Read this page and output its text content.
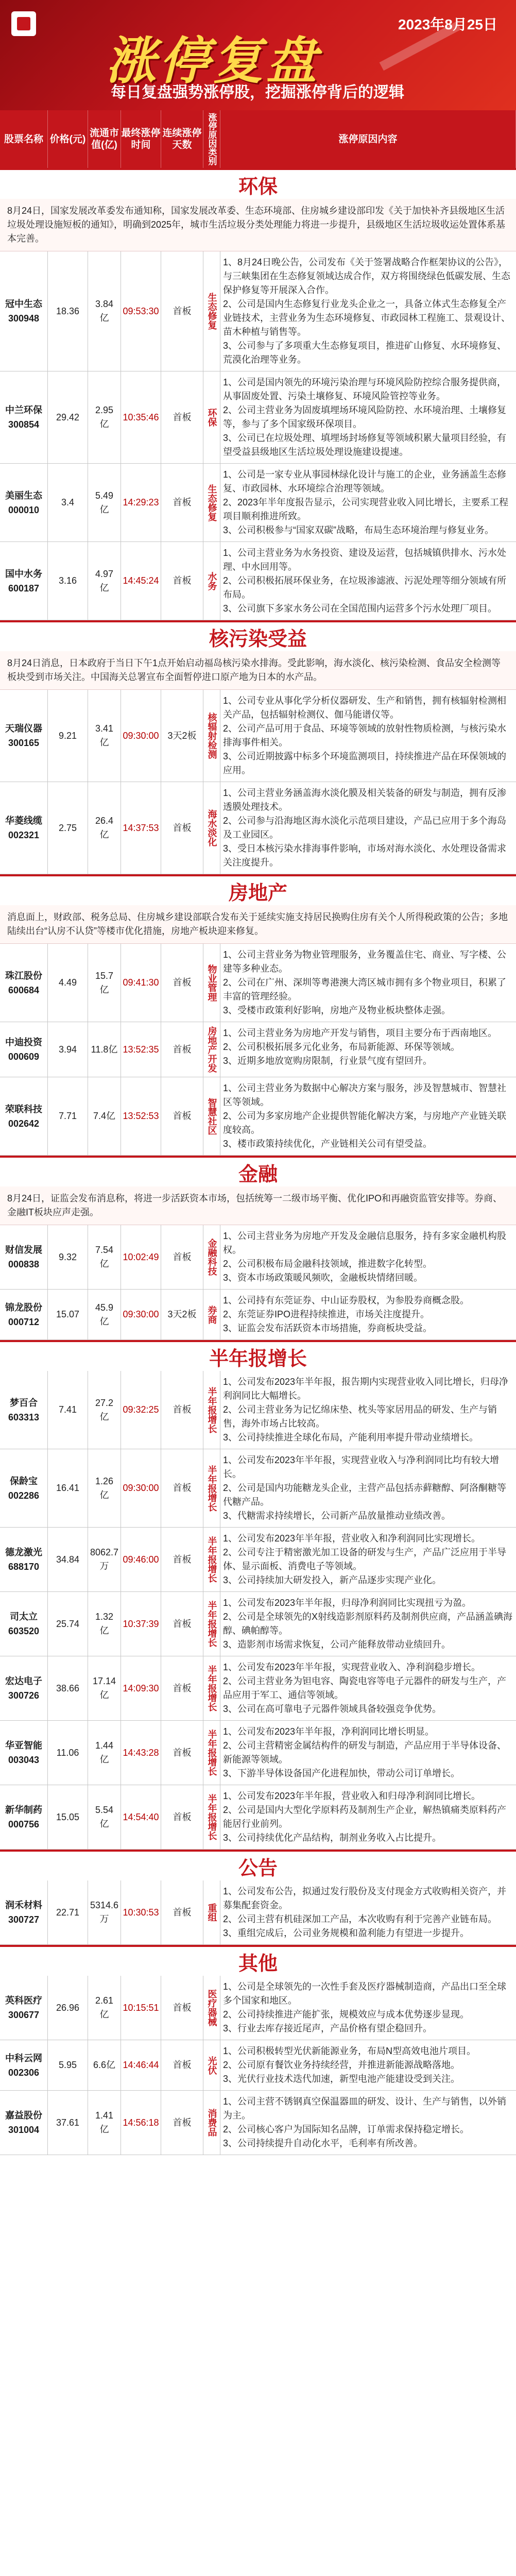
2023年8月25日
涨停复盘
每日复盘强势涨停股，挖掘涨停背后的逻辑
股票名称 价格(元)
流通市值(亿)
最终涨停时间
连续涨停天数	涨停原因类别	涨停原因内容
环保
8月24日，国家发展改革委发布通知称，国家发展改革委、生态环境部、住房城乡建设部印发《关于加快补齐县级地区生活垃圾处理设施短板的通知》，明确到2025年，城市生活垃圾分类处理能力将进一步提升，县级地区生活垃圾收运处置体系基本完善。
冠中生态 300948
18.36
3.84亿
09:53:30	首板	生态修复
1、8月24日晚公告，公司发布《关于签署战略合作框架协议的公告》，与三峡集团在生态修复领域达成合作，双方将围绕绿色低碳发展、生态保护修复等开展深入合作。
2、公司是国内生态修复行业龙头企业之一，具备立体式生态修复全产业链技术，主营业务为生态环境修复、市政园林工程施工、景观设计、苗木种植与销售等。
3、公司参与了多项重大生态修复项目，推进矿山修复、水环境修复、荒漠化治理等业务。
中兰环保 300854
29.42
2.95亿
10:35:46	首板	环保
1、公司是国内领先的环境污染治理与环境风险防控综合服务提供商，从事固废处置、污染土壤修复、环境风险管控等业务。
2、公司主营业务为固废填埋场环境风险防控、水环境治理、土壤修复等，参与了多个国家级环保项目。
3、公司已在垃圾处理、填埋场封场修复等领域积累大量项目经验，有望受益县级地区生活垃圾处理设施建设提速。
美丽生态 000010
3.4
5.49亿
14:29:23	首板	生态修复
1、公司是一家专业从事园林绿化设计与施工的企业，业务涵盖生态修复、市政园林、水环境综合治理等领域。
2、2023年半年度报告显示，公司实现营业收入同比增长，主要系工程项目顺利推进所致。
3、公司积极参与“国家双碳”战略，布局生态环境治理与修复业务。
国中水务 600187
3.16
4.97亿
14:45:24	首板	水务
1、公司主营业务为水务投资、建设及运营，包括城镇供排水、污水处理、中水回用等。
2、公司积极拓展环保业务，在垃圾渗滤液、污泥处理等细分领域有所布局。
3、公司旗下多家水务公司在全国范围内运营多个污水处理厂项目。
核污染受益
8月24日消息，日本政府于当日下午1点开始启动福岛核污染水排海。受此影响，海水淡化、核污染检测、食品安全检测等板块受到市场关注。中国海关总署宣布全面暂停进口原产地为日本的水产品。
天瑞仪器 300165
9.21
3.41亿
09:30:00 3天2板	核辐射检测
1、公司专业从事化学分析仪器研发、生产和销售，拥有核辐射检测相关产品，包括辐射检测仪、伽马能谱仪等。
2、公司产品可用于食品、环境等领域的放射性物质检测，与核污染水排海事件相关。
3、公司近期披露中标多个环境监测项目，持续推进产品在环保领域的应用。
华菱线缆 002321
2.75
26.4亿
14:37:53	首板	海水淡化
1、公司主营业务涵盖海水淡化膜及相关装备的研发与制造，拥有反渗透膜处理技术。
2、公司参与沿海地区海水淡化示范项目建设，产品已应用于多个海岛及工业园区。
3、受日本核污染水排海事件影响，市场对海水淡化、水处理设备需求关注度提升。
房地产
消息面上，财政部、税务总局、住房城乡建设部联合发布关于延续实施支持居民换购住房有关个人所得税政策的公告；多地陆续出台“认房不认贷”等楼市优化措施，房地产板块迎来修复。
珠江股份 600684
4.49
15.7亿
09:41:30	首板	物业管理
1、公司主营业务为物业管理服务，业务覆盖住宅、商业、写字楼、公建等多种业态。
2、公司在广州、深圳等粤港澳大湾区城市拥有多个物业项目，积累了丰富的管理经验。
3、受楼市政策利好影响，房地产及物业板块整体走强。
中迪投资 000609
3.94	11.8亿 13:52:35	首板	房地产开发 1、公司主营业务为房地产开发与销售，项目主要分布于西南地区。
2、公司积极拓展多元化业务，布局新能源、环保等领域。
3、近期多地放宽购房限制，行业景气度有望回升。
荣联科技 002642
7.71	7.4亿 13:52:53	首板	智慧社区
1、公司主营业务为数据中心解决方案与服务，涉及智慧城市、智慧社区等领域。
2、公司为多家房地产企业提供智能化解决方案，与房地产产业链关联度较高。
3、楼市政策持续优化，产业链相关公司有望受益。
金融
8月24日，证监会发布消息称，将进一步活跃资本市场，包括统筹一二级市场平衡、优化IPO和再融资监管安排等。券商、金融IT板块应声走强。
财信发展 000838
9.32
7.54亿
10:02:49	首板	金融科技
1、公司主营业务为房地产开发及金融信息服务，持有多家金融机构股权。
2、公司积极布局金融科技领域，推进数字化转型。
3、资本市场政策暖风频吹，金融板块情绪回暖。
锦龙股份 000712
15.07
45.9亿
09:30:00 3天2板	券商
1、公司持有东莞证券、中山证券股权，为参股券商概念股。
2、东莞证券IPO进程持续推进，市场关注度提升。
3、证监会发布活跃资本市场措施，券商板块受益。
半年报增长
梦百合 603313
7.41
27.2亿
09:32:25	首板	半年报增长
1、公司发布2023年半年报，报告期内实现营业收入同比增长，归母净利润同比大幅增长。
2、公司主营业务为记忆绵床垫、枕头等家居用品的研发、生产与销售，海外市场占比较高。
3、公司持续推进全球化布局，产能利用率提升带动业绩增长。
保龄宝 002286
16.41
1.26亿
09:30:00	首板	半年报增长
1、公司发布2023年半年报，实现营业收入与净利润同比均有较大增长。
2、公司是国内功能糖龙头企业，主营产品包括赤藓糖醇、阿洛酮糖等代糖产品。
3、代糖需求持续增长，公司新产品放量推动业绩改善。
德龙激光 688170
34.84
8062.7万
09:46:00	首板	半年报增长 1、公司发布2023年半年报，营业收入和净利润同比实现增长。
2、公司专注于精密激光加工设备的研发与生产，产品广泛应用于半导体、显示面板、消费电子等领域。
3、公司持续加大研发投入，新产品逐步实现产业化。
司太立 603520
25.74
1.32亿
10:37:39	首板	半年报增长 1、公司发布2023年半年报，归母净利润同比实现扭亏为盈。
2、公司是全球领先的X射线造影剂原料药及制剂供应商，产品涵盖碘海醇、碘帕醇等。
3、造影剂市场需求恢复，公司产能释放带动业绩回升。
宏达电子 300726
38.66
17.14亿
14:09:30	首板	半年报增长 1、公司发布2023年半年报，实现营业收入、净利润稳步增长。
2、公司主营业务为钽电容、陶瓷电容等电子元器件的研发与生产，产品应用于军工、通信等领域。
3、公司在高可靠电子元器件领域具备较强竞争优势。
华亚智能 003043
11.06
1.44亿
14:43:28	首板	半年报增长 1、公司发布2023年半年报，净利润同比增长明显。
2、公司主营精密金属结构件的研发与制造，产品应用于半导体设备、新能源等领域。
3、下游半导体设备国产化进程加快，带动公司订单增长。
新华制药 000756
15.05
5.54亿
14:54:40	首板	半年报增长 1、公司发布2023年半年报，营业收入和归母净利润同比增长。
2、公司是国内大型化学原料药及制剂生产企业，解热镇痛类原料药产能居行业前列。
3、公司持续优化产品结构，制剂业务收入占比提升。
公告
润禾材料 300727
22.71
5314.6万
10:30:53	首板	重组
1、公司发布公告，拟通过发行股份及支付现金方式收购相关资产，并募集配套资金。
2、公司主营有机硅深加工产品，本次收购有利于完善产业链布局。
3、重组完成后，公司业务规模和盈利能力有望进一步提升。
其他
英科医疗 300677
26.96
2.61亿
10:15:51	首板	医疗器械
1、公司是全球领先的一次性手套及医疗器械制造商，产品出口至全球多个国家和地区。
2、公司持续推进产能扩张，规模效应与成本优势逐步显现。
3、行业去库存接近尾声，产品价格有望企稳回升。
中科云网 002306
5.95	6.6亿 14:46:44	首板	光伏
1、公司积极转型光伏新能源业务，布局N型高效电池片项目。
2、公司原有餐饮业务持续经营，并推进新能源战略落地。
3、光伏行业技术迭代加速，新型电池产能建设受到关注。
嘉益股份 301004
37.61
1.41亿
14:56:18	首板	消费品
1、公司主营不锈钢真空保温器皿的研发、设计、生产与销售，以外销为主。
2、公司核心客户为国际知名品牌，订单需求保持稳定增长。
3、公司持续提升自动化水平，毛利率有所改善。
